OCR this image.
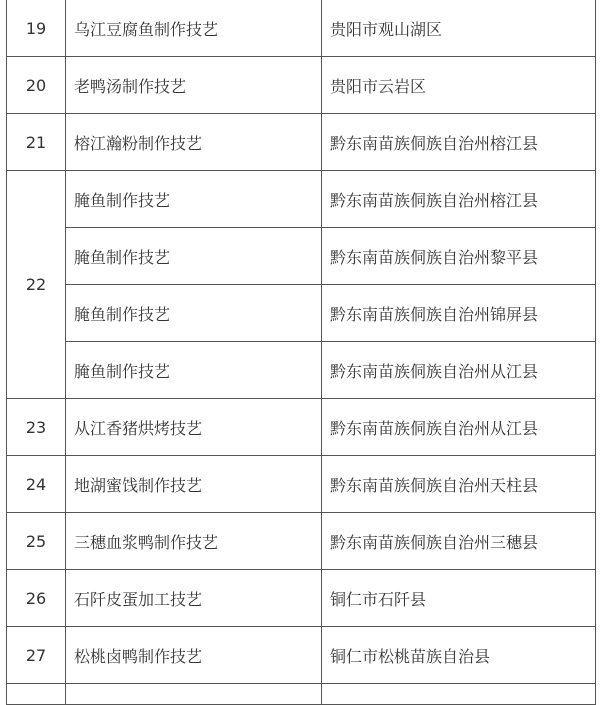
19	乌江豆腐鱼制作技艺	贵阳市观山湖区
20	老鸭汤制作技艺	贵阳市云岩区
21	榕江瀚粉制作技艺	黔东南苗族侗族自治州榕江县
22	腌鱼制作技艺	黔东南苗族侗族自治州榕江县
	腌鱼制作技艺	黔东南苗族侗族自治州黎平县
	腌鱼制作技艺	黔东南苗族侗族自治州锦屏县
	腌鱼制作技艺	黔东南苗族侗族自治州从江县
23	从江香猪烘烤技艺	黔东南苗族侗族自治州从江县
24	地湖蜜饯制作技艺	黔东南苗族侗族自治州天柱县
25	三穗血浆鸭制作技艺	黔东南苗族侗族自治州三穗县
26	石阡皮蛋加工技艺	铜仁市石阡县
27	松桃卤鸭制作技艺	铜仁市松桃苗族自治县
